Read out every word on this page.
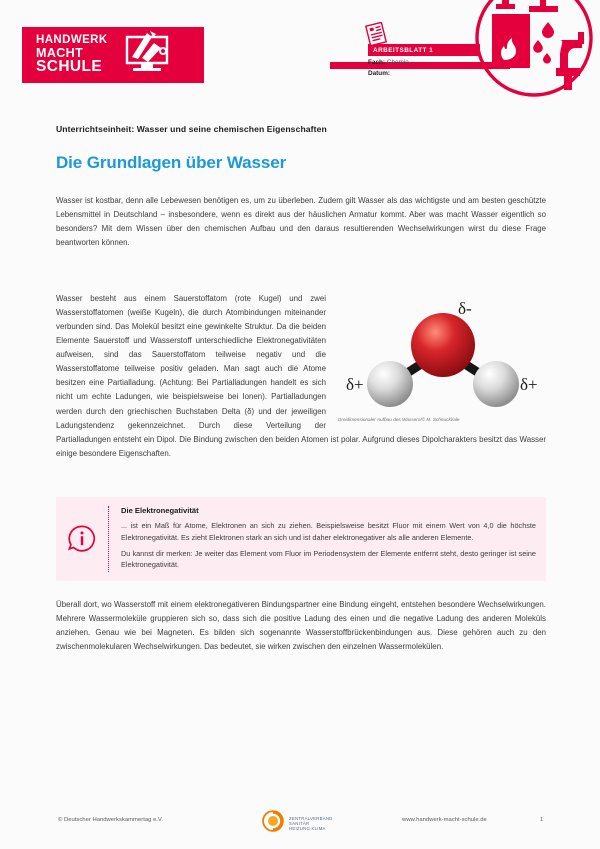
HANDWERK
MACHT
SCHULE
ARBEITSBLATT 1
Fach: Chemie
Datum:
Unterrichtseinheit: Wasser und seine chemischen Eigenschaften
Die Grundlagen über Wasser
Wasser ist kostbar, denn alle Lebewesen benötigen es, um zu überleben. Zudem gilt Wasser als das wichtigste und am besten geschützte Lebensmittel in Deutschland – insbesondere, wenn es direkt aus der häuslichen Armatur kommt. Aber was macht Wasser eigentlich so besonders? Mit dem Wissen über den chemischen Aufbau und den daraus resultierenden Wechselwirkungen wirst du diese Frage beantworten können.
δ-
δ+	δ+
Dreidimensionaler Aufbau des Wassers/© M. Schnuckl/ale
Wasser besteht aus einem Sauerstoffatom (rote Kugel) und zwei Wasserstoffatomen (weiße Kugeln), die durch Atombindungen miteinander verbunden sind. Das Molekül besitzt eine gewinkelte Struktur. Da die beiden Elemente Sauerstoff und Wasserstoff unterschiedliche Elektronegativitäten aufweisen, sind das Sauerstoffatom teilweise negativ und die Wasserstoffatome teilweise positiv geladen. Man sagt auch die Atome besitzen eine Partialladung. (Achtung: Bei Partialladungen handelt es sich nicht um echte Ladungen, wie beispielsweise bei Ionen). Partialladungen werden durch den griechischen Buchstaben Delta (δ) und der jeweiligen Ladungstendenz gekennzeichnet. Durch diese Verteilung der Partialladungen entsteht ein Dipol. Die Bindung zwischen den beiden Atomen ist polar. Aufgrund dieses Dipolcharakters besitzt das Wasser einige besondere Eigenschaften.
Die Elektronegativität

... ist ein Maß für Atome, Elektronen an sich zu ziehen. Beispielsweise besitzt Fluor mit einem Wert von 4,0 die höchste Elektronegativität. Es zieht Elektronen stark an sich und ist daher elektronegativer als alle anderen Elemente.

Du kannst dir merken: Je weiter das Element vom Fluor im Periodensystem der Elemente entfernt steht, desto geringer ist seine Elektronegativität.

Überall dort, wo Wasserstoff mit einem elektronegativeren Bindungspartner eine Bindung eingeht, entstehen besondere Wechselwirkungen. Mehrere Wassermoleküle gruppieren sich so, dass sich die positive Ladung des einen und die negative Ladung des anderen Moleküls anziehen. Genau wie bei Magneten. Es bilden sich sogenannte Wasserstoffbrückenbindungen aus. Diese gehören auch zu den zwischenmolekularen Wechselwirkungen. Das bedeutet, sie wirken zwischen den einzelnen Wassermolekülen.
© Deutscher Handwerkskammertag e.V.	ZENTRALVERBAND
SANITÄR
HEIZUNG KLIMA
www.handwerk-macht-schule.de	1
